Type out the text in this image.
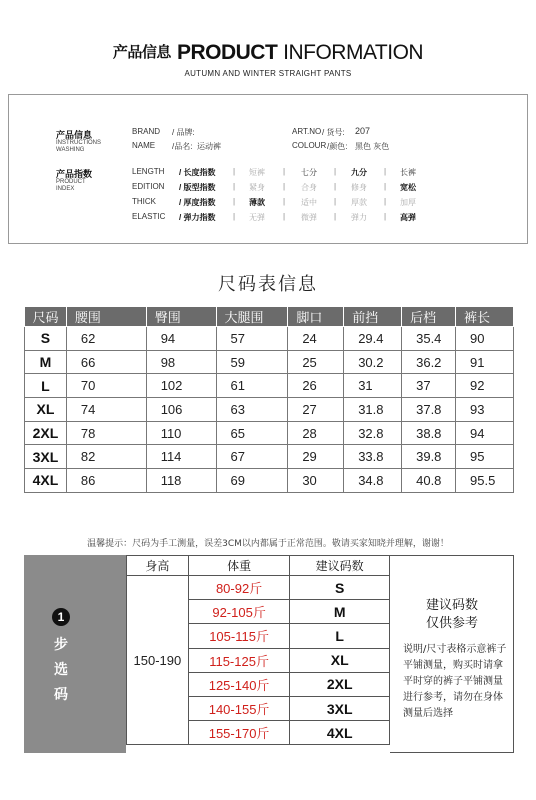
产品信息 PRODUCT INFORMATION
AUTUMN AND WINTER STRAIGHT PANTS
产品信息
INSTRUCTIONS
WASHING
BRAND / 品牌:
NAME /品名: 运动裤
ART.NO / 货号: 207
COLOUR /颜色: 黑色 灰色
产品指数
PRODUCT
INDEX
LENGTH / 长度指数	短裤	七分	九分	长裤
EDITION / 版型指数	紧身	合身	修身	宽松
THICK	/ 厚度指数	薄款	适中	厚款	加厚
ELASTIC / 弹力指数	无弹	微弹	弹力	高弹
|	|	|	|
|	|	|	|
|	|	|	|
|	|	|	|
尺码表信息
尺码	腰围	臀围	大腿围	脚口	前挡	后档	裤长
S	62	94	57	24	29.4	35.4	90
M	66	98	59	25	30.2	36.2	91
L	70	102	61	26	31	37	92
XL	74	106	63	27	31.8	37.8	93
2XL	78	110	65	28	32.8	38.8	94
3XL	82	114	67	29	33.8	39.8	95
4XL	86	118	69	30	34.8	40.8	95.5
温馨提示：尺码为手工测量，误差3CM以内都属于正常范围。敬请买家知晓并理解，谢谢！
1
步
选
码
身高	体重	建议码数
150-190	80-92斤	S
	92-105斤	M
	105-115斤	L
	115-125斤	XL
	125-140斤	2XL
	140-155斤	3XL
	155-170斤	4XL
建议码数
仅供参考
说明/尺寸表格示意裤子平铺测量，购买时请拿平时穿的裤子平铺测量进行参考，请勿在身体测量后选择
